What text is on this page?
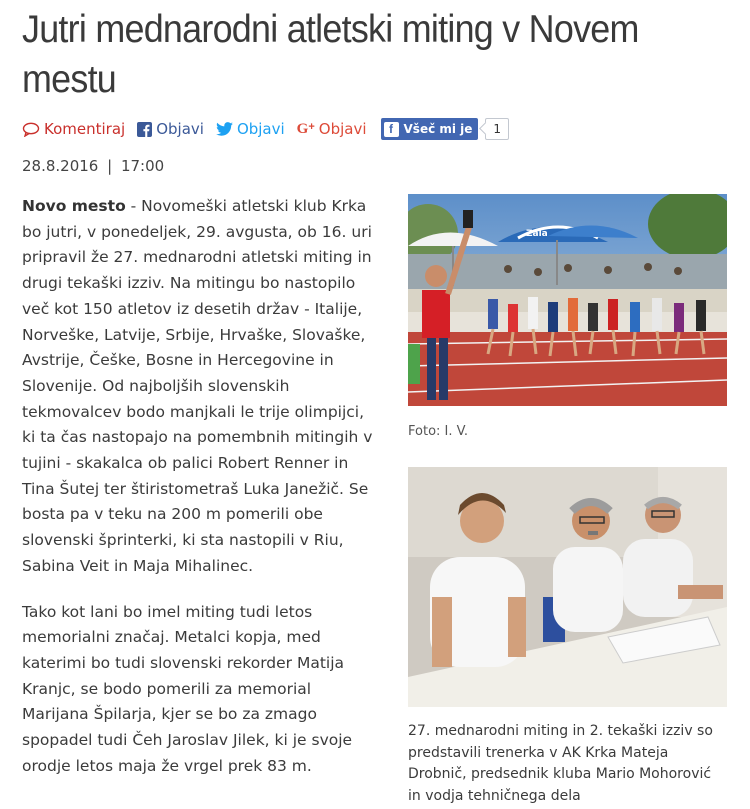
Jutri mednarodni atletski miting v Novem mestu
Komentiraj Objavi Objavi G + Objavi	f Všeč mi je	1
28.8.2016 | 17:00

Novo mesto - Novomeški atletski klub Krka bo jutri, v ponedeljek, 29. avgusta, ob 16. uri pripravil že 27. mednarodni atletski miting in drugi tekaški izziv. Na mitingu bo nastopilo več kot 150 atletov iz desetih držav - Italije, Norveške, Latvije, Srbije, Hrvaške, Slovaške, Avstrije, Češke, Bosne in Hercegovine in Slovenije. Od najboljših slovenskih tekmovalcev bodo manjkali le trije olimpijci, ki ta čas nastopajo na pomembnih mitingih v tujini - skakalca ob palici Robert Renner in Tina Šutej ter štiristometraš Luka Janežič. Se bosta pa v teku na 200 m pomerili obe slovenski šprinterki, ki sta nastopili v Riu, Sabina Veit in Maja Mihalinec.

Tako kot lani bo imel miting tudi letos memorialni značaj. Metalci kopja, med katerimi bo tudi slovenski rekorder Matija Kranjc, se bodo pomerili za memorial Marijana Špilarja, kjer se bo za zmago spopadel tudi Čeh Jaroslav Jilek, ki je svoje orodje letos maja že vrgel prek 83 m.

Zala
Foto: I. V.
27. mednarodni miting in 2. tekaški izziv so predstavili trenerka v AK Krka Mateja Drobnič, predsednik kluba Mario Mohorović in vodja tehničnega dela
